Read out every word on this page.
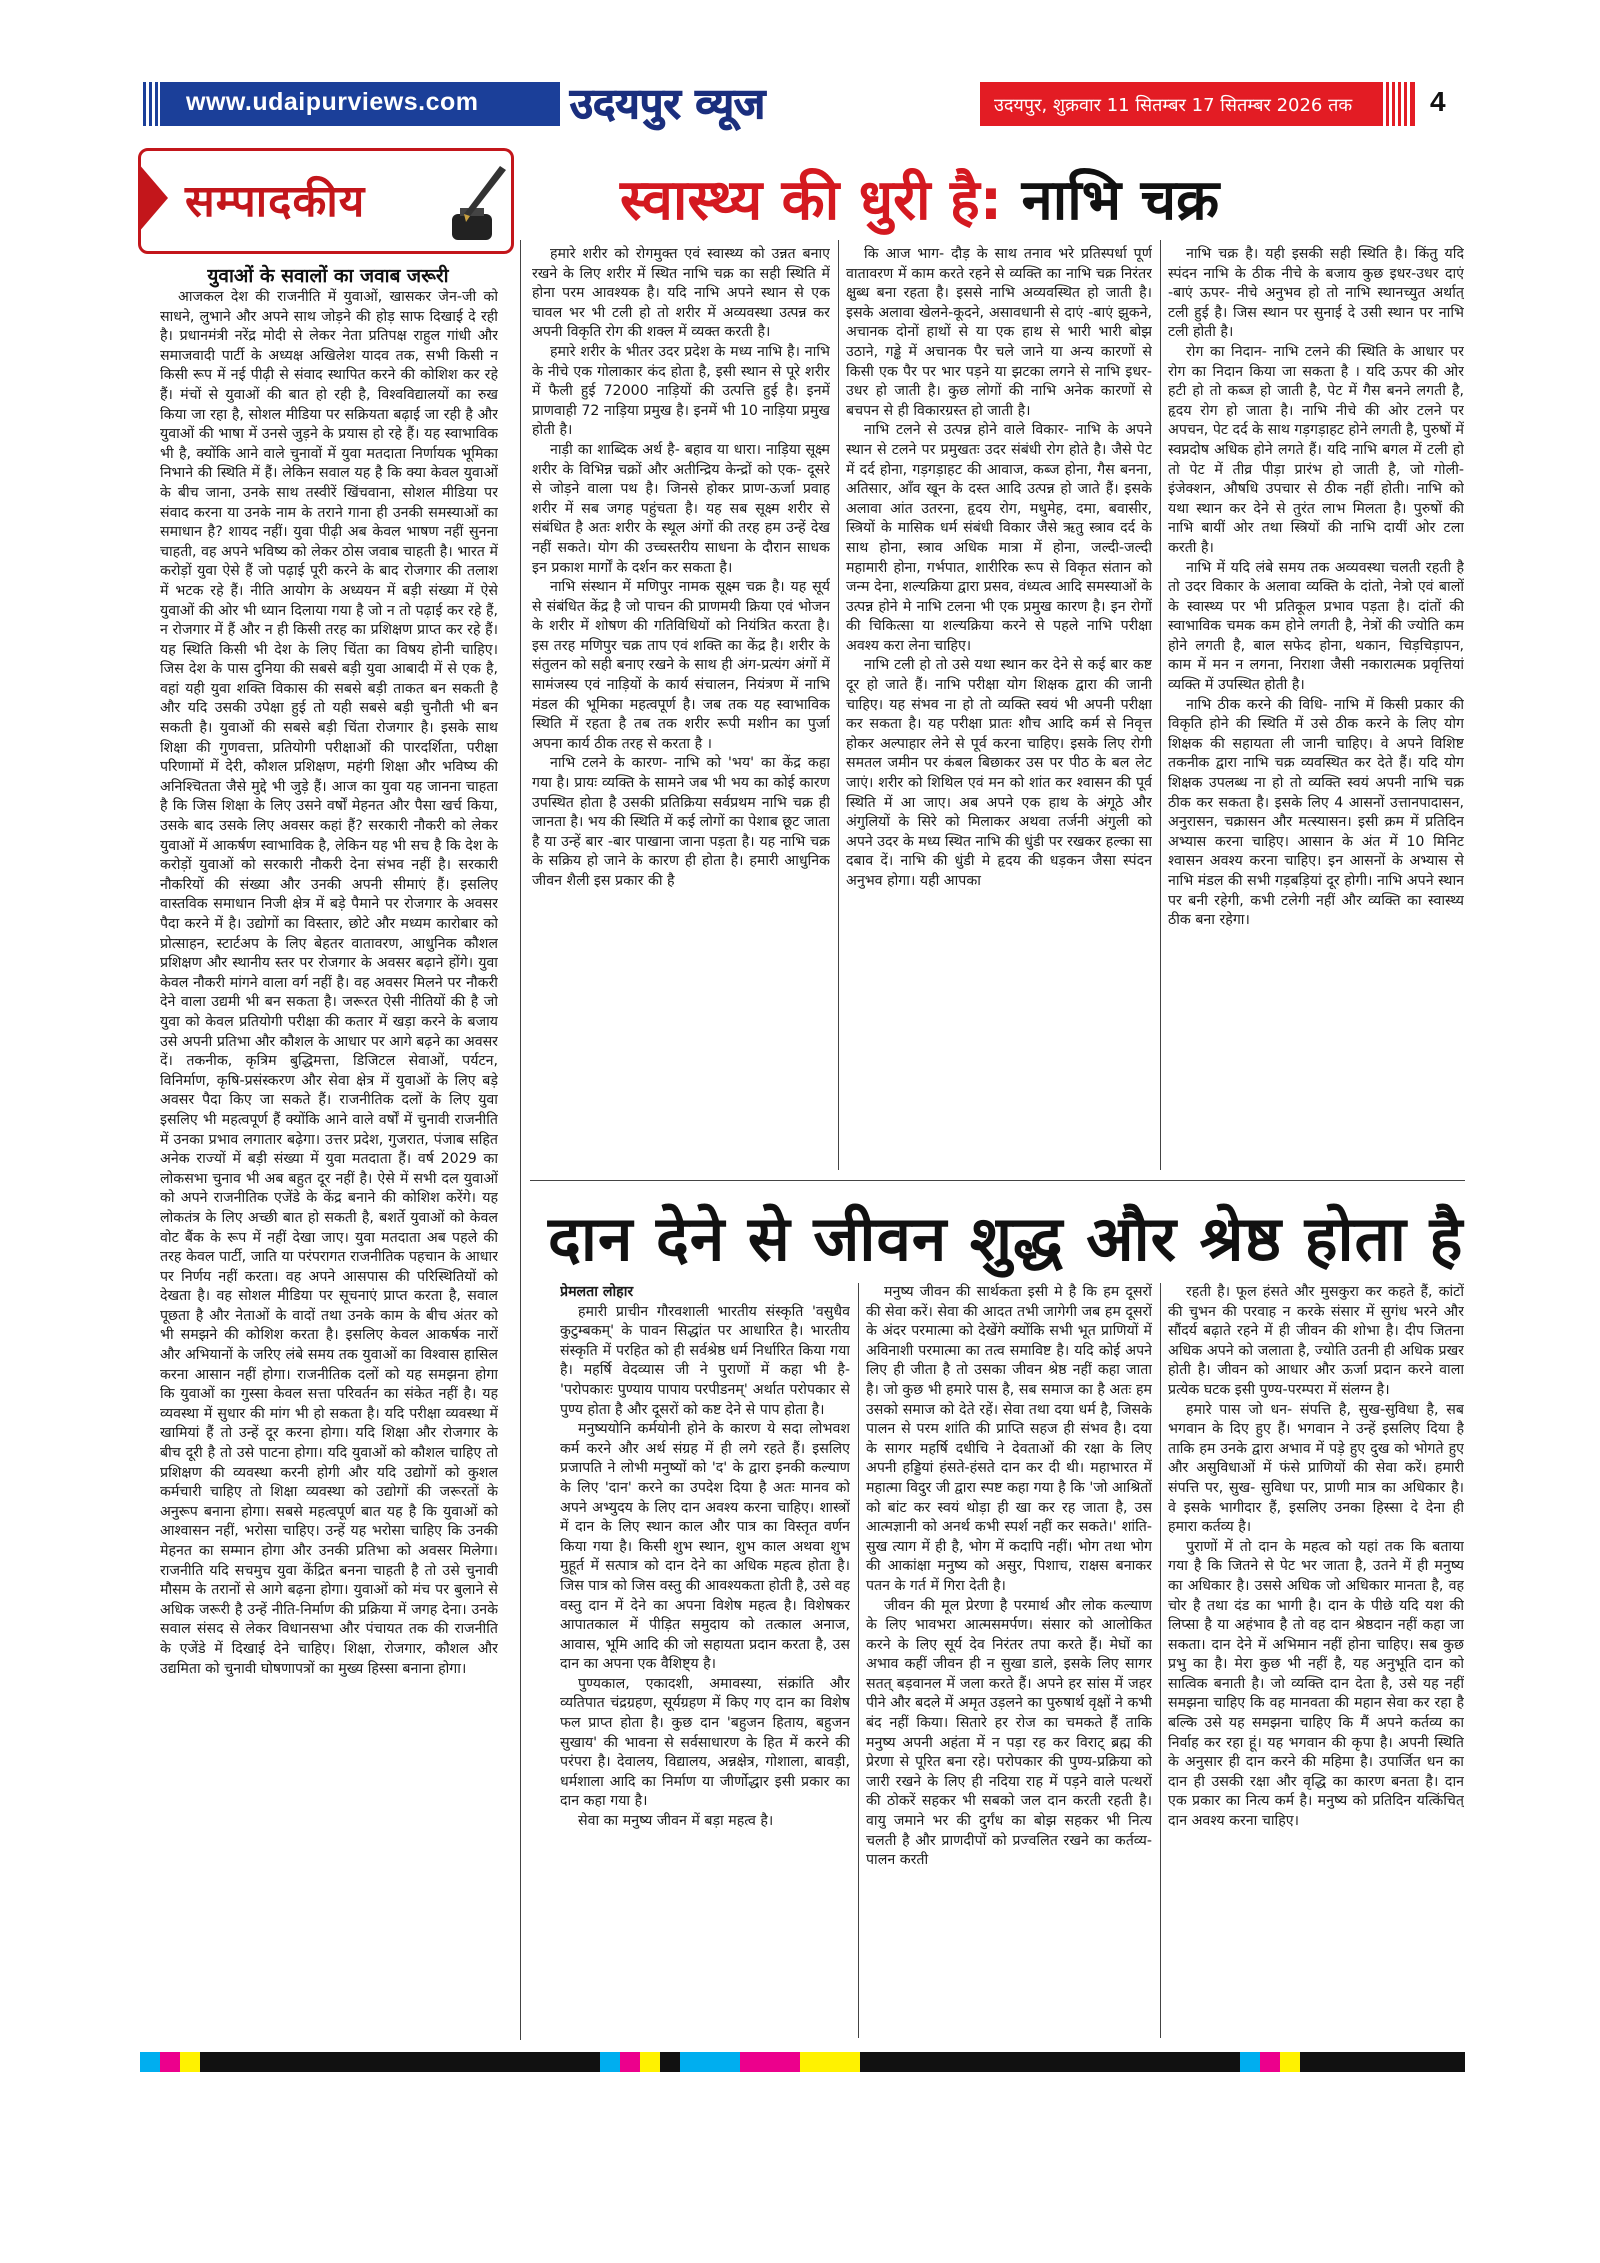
www.udaipurviews.com उदयपुर व्यूज	उदयपुर, शुक्रवार 11 सितम्बर 17 सितम्बर 2026 तक	4
सम्पादकीय
युवाओं के सवालों का जवाब जरूरी

आजकल देश की राजनीति में युवाओं, खासकर जेन-जी को साधने, लुभाने और अपने साथ जोड़ने की होड़ साफ दिखाई दे रही है। प्रधानमंत्री नरेंद्र मोदी से लेकर नेता प्रतिपक्ष राहुल गांधी और समाजवादी पार्टी के अध्यक्ष अखिलेश यादव तक, सभी किसी न किसी रूप में नई पीढ़ी से संवाद स्थापित करने की कोशिश कर रहे हैं। मंचों से युवाओं की बात हो रही है, विश्वविद्यालयों का रुख किया जा रहा है, सोशल मीडिया पर सक्रियता बढ़ाई जा रही है और युवाओं की भाषा में उनसे जुड़ने के प्रयास हो रहे हैं। यह स्वाभाविक भी है, क्योंकि आने वाले चुनावों में युवा मतदाता निर्णायक भूमिका निभाने की स्थिति में हैं। लेकिन सवाल यह है कि क्या केवल युवाओं के बीच जाना, उनके साथ तस्वीरें खिंचवाना, सोशल मीडिया पर संवाद करना या उनके नाम के तराने गाना ही उनकी समस्याओं का समाधान है? शायद नहीं। युवा पीढ़ी अब केवल भाषण नहीं सुनना चाहती, वह अपने भविष्य को लेकर ठोस जवाब चाहती है। भारत में करोड़ों युवा ऐसे हैं जो पढ़ाई पूरी करने के बाद रोजगार की तलाश में भटक रहे हैं। नीति आयोग के अध्ययन में बड़ी संख्या में ऐसे युवाओं की ओर भी ध्यान दिलाया गया है जो न तो पढ़ाई कर रहे हैं, न रोजगार में हैं और न ही किसी तरह का प्रशिक्षण प्राप्त कर रहे हैं। यह स्थिति किसी भी देश के लिए चिंता का विषय होनी चाहिए। जिस देश के पास दुनिया की सबसे बड़ी युवा आबादी में से एक है, वहां यही युवा शक्ति विकास की सबसे बड़ी ताकत बन सकती है और यदि उसकी उपेक्षा हुई तो यही सबसे बड़ी चुनौती भी बन सकती है। युवाओं की सबसे बड़ी चिंता रोजगार है। इसके साथ शिक्षा की गुणवत्ता, प्रतियोगी परीक्षाओं की पारदर्शिता, परीक्षा परिणामों में देरी, कौशल प्रशिक्षण, महंगी शिक्षा और भविष्य की अनिश्चितता जैसे मुद्दे भी जुड़े हैं। आज का युवा यह जानना चाहता है कि जिस शिक्षा के लिए उसने वर्षों मेहनत और पैसा खर्च किया, उसके बाद उसके लिए अवसर कहां हैं? सरकारी नौकरी को लेकर युवाओं में आकर्षण स्वाभाविक है, लेकिन यह भी सच है कि देश के करोड़ों युवाओं को सरकारी नौकरी देना संभव नहीं है। सरकारी नौकरियों की संख्या और उनकी अपनी सीमाएं हैं। इसलिए वास्तविक समाधान निजी क्षेत्र में बड़े पैमाने पर रोजगार के अवसर पैदा करने में है। उद्योगों का विस्तार, छोटे और मध्यम कारोबार को प्रोत्साहन, स्टार्टअप के लिए बेहतर वातावरण, आधुनिक कौशल प्रशिक्षण और स्थानीय स्तर पर रोजगार के अवसर बढ़ाने होंगे। युवा केवल नौकरी मांगने वाला वर्ग नहीं है। वह अवसर मिलने पर नौकरी देने वाला उद्यमी भी बन सकता है। जरूरत ऐसी नीतियों की है जो युवा को केवल प्रतियोगी परीक्षा की कतार में खड़ा करने के बजाय उसे अपनी प्रतिभा और कौशल के आधार पर आगे बढ़ने का अवसर दें। तकनीक, कृत्रिम बुद्धिमत्ता, डिजिटल सेवाओं, पर्यटन, विनिर्माण, कृषि-प्रसंस्करण और सेवा क्षेत्र में युवाओं के लिए बड़े अवसर पैदा किए जा सकते हैं। राजनीतिक दलों के लिए युवा इसलिए भी महत्वपूर्ण हैं क्योंकि आने वाले वर्षों में चुनावी राजनीति में उनका प्रभाव लगातार बढ़ेगा। उत्तर प्रदेश, गुजरात, पंजाब सहित अनेक राज्यों में बड़ी संख्या में युवा मतदाता हैं। वर्ष 2029 का लोकसभा चुनाव भी अब बहुत दूर नहीं है। ऐसे में सभी दल युवाओं को अपने राजनीतिक एजेंडे के केंद्र बनाने की कोशिश करेंगे। यह लोकतंत्र के लिए अच्छी बात हो सकती है, बशर्ते युवाओं को केवल वोट बैंक के रूप में नहीं देखा जाए। युवा मतदाता अब पहले की तरह केवल पार्टी, जाति या परंपरागत राजनीतिक पहचान के आधार पर निर्णय नहीं करता। वह अपने आसपास की परिस्थितियों को देखता है। वह सोशल मीडिया पर सूचनाएं प्राप्त करता है, सवाल पूछता है और नेताओं के वादों तथा उनके काम के बीच अंतर को भी समझने की कोशिश करता है। इसलिए केवल आकर्षक नारों और अभियानों के जरिए लंबे समय तक युवाओं का विश्वास हासिल करना आसान नहीं होगा। राजनीतिक दलों को यह समझना होगा कि युवाओं का गुस्सा केवल सत्ता परिवर्तन का संकेत नहीं है। यह व्यवस्था में सुधार की मांग भी हो सकता है। यदि परीक्षा व्यवस्था में खामियां हैं तो उन्हें दूर करना होगा। यदि शिक्षा और रोजगार के बीच दूरी है तो उसे पाटना होगा। यदि युवाओं को कौशल चाहिए तो प्रशिक्षण की व्यवस्था करनी होगी और यदि उद्योगों को कुशल कर्मचारी चाहिए तो शिक्षा व्यवस्था को उद्योगों की जरूरतों के अनुरूप बनाना होगा। सबसे महत्वपूर्ण बात यह है कि युवाओं को आश्वासन नहीं, भरोसा चाहिए। उन्हें यह भरोसा चाहिए कि उनकी मेहनत का सम्मान होगा और उनकी प्रतिभा को अवसर मिलेगा। राजनीति यदि सचमुच युवा केंद्रित बनना चाहती है तो उसे चुनावी मौसम के तरानों से आगे बढ़ना होगा। युवाओं को मंच पर बुलाने से अधिक जरूरी है उन्हें नीति-निर्माण की प्रक्रिया में जगह देना। उनके सवाल संसद से लेकर विधानसभा और पंचायत तक की राजनीति के एजेंडे में दिखाई देने चाहिए। शिक्षा, रोजगार, कौशल और उद्यमिता को चुनावी घोषणापत्रों का मुख्य हिस्सा बनाना होगा।

स्वास्थ्य की धुरी है: नाभि चक्र

हमारे शरीर को रोगमुक्त एवं स्वास्थ्य को उन्नत बनाए रखने के लिए शरीर में स्थित नाभि चक्र का सही स्थिति में होना परम आवश्यक है। यदि नाभि अपने स्थान से एक चावल भर भी टली हो तो शरीर में अव्यवस्था उत्पन्न कर अपनी विकृति रोग की शक्ल में व्यक्त करती है।

हमारे शरीर के भीतर उदर प्रदेश के मध्य नाभि है। नाभि के नीचे एक गोलाकार कंद होता है, इसी स्थान से पूरे शरीर में फैली हुई 72000 नाड़ियों की उत्पत्ति हुई है। इनमें प्राणवाही 72 नाड़िया प्रमुख है। इनमें भी 10 नाड़िया प्रमुख होती है।

नाड़ी का शाब्दिक अर्थ है- बहाव या धारा। नाड़िया सूक्ष्म शरीर के विभिन्न चक्रों और अतीन्द्रिय केन्द्रों को एक- दूसरे से जोड़ने वाला पथ है। जिनसे होकर प्राण-ऊर्जा प्रवाह शरीर में सब जगह पहुंचता है। यह सब सूक्ष्म शरीर से संबंधित है अतः शरीर के स्थूल अंगों की तरह हम उन्हें देख नहीं सकते। योग की उच्चस्तरीय साधना के दौरान साधक इन प्रकाश मार्गों के दर्शन कर सकता है।

नाभि संस्थान में मणिपुर नामक सूक्ष्म चक्र है। यह सूर्य से संबंधित केंद्र है जो पाचन की प्राणमयी क्रिया एवं भोजन के शरीर में शोषण की गतिविधियों को नियंत्रित करता है। इस तरह मणिपुर चक्र ताप एवं शक्ति का केंद्र है। शरीर के संतुलन को सही बनाए रखने के साथ ही अंग-प्रत्यंग अंगों में सामंजस्य एवं नाड़ियों के कार्य संचालन, नियंत्रण में नाभि मंडल की भूमिका महत्वपूर्ण है। जब तक यह स्वाभाविक स्थिति में रहता है तब तक शरीर रूपी मशीन का पुर्जा अपना कार्य ठीक तरह से करता है ।

नाभि टलने के कारण- नाभि को 'भय' का केंद्र कहा गया है। प्रायः व्यक्ति के सामने जब भी भय का कोई कारण उपस्थित होता है उसकी प्रतिक्रिया सर्वप्रथम नाभि चक्र ही जानता है। भय की स्थिति में कई लोगों का पेशाब छूट जाता है या उन्हें बार -बार पाखाना जाना पड़ता है। यह नाभि चक्र के सक्रिय हो जाने के कारण ही होता है। हमारी आधुनिक जीवन शैली इस प्रकार की है

कि आज भाग- दौड़ के साथ तनाव भरे प्रतिस्पर्धा पूर्ण वातावरण में काम करते रहने से व्यक्ति का नाभि चक्र निरंतर क्षुब्ध बना रहता है। इससे नाभि अव्यवस्थित हो जाती है। इसके अलावा खेलने-कूदने, असावधानी से दाएं -बाएं झुकने, अचानक दोनों हाथों से या एक हाथ से भारी भारी बोझ उठाने, गड्ढे में अचानक पैर चले जाने या अन्य कारणों से किसी एक पैर पर भार पड़ने या झटका लगने से नाभि इधर-उधर हो जाती है। कुछ लोगों की नाभि अनेक कारणों से बचपन से ही विकारग्रस्त हो जाती है।

नाभि टलने से उत्पन्न होने वाले विकार- नाभि के अपने स्थान से टलने पर प्रमुखतः उदर संबंधी रोग होते है। जैसे पेट में दर्द होना, गड़गड़ाहट की आवाज, कब्ज होना, गैस बनना, अतिसार, आँव खून के दस्त आदि उत्पन्न हो जाते हैं। इसके अलावा आंत उतरना, हृदय रोग, मधुमेह, दमा, बवासीर, स्त्रियों के मासिक धर्म संबंधी विकार जैसे ऋतु स्त्राव दर्द के साथ होना, स्त्राव अधिक मात्रा में होना, जल्दी-जल्दी महामारी होना, गर्भपात, शारीरिक रूप से विकृत संतान को जन्म देना, शल्यक्रिया द्वारा प्रसव, वंध्यत्व आदि समस्याओं के उत्पन्न होने मे नाभि टलना भी एक प्रमुख कारण है। इन रोगों की चिकित्सा या शल्यक्रिया करने से पहले नाभि परीक्षा अवश्य करा लेना चाहिए।

नाभि टली हो तो उसे यथा स्थान कर देने से कई बार कष्ट दूर हो जाते हैं। नाभि परीक्षा योग शिक्षक द्वारा की जानी चाहिए। यह संभव ना हो तो व्यक्ति स्वयं भी अपनी परीक्षा कर सकता है। यह परीक्षा प्रातः शौच आदि कर्म से निवृत्त होकर अल्पाहार लेने से पूर्व करना चाहिए। इसके लिए रोगी समतल जमीन पर कंबल बिछाकर उस पर पीठ के बल लेट जाएं। शरीर को शिथिल एवं मन को शांत कर श्वासन की पूर्व स्थिति में आ जाए। अब अपने एक हाथ के अंगूठे और अंगुलियों के सिरे को मिलाकर अथवा तर्जनी अंगुली को अपने उदर के मध्य स्थित नाभि की धुंडी पर रखकर हल्का सा दबाव दें। नाभि की धुंडी मे हृदय की धड़कन जैसा स्पंदन अनुभव होगा। यही आपका

नाभि चक्र है। यही इसकी सही स्थिति है। किंतु यदि स्पंदन नाभि के ठीक नीचे के बजाय कुछ इधर-उधर दाएं -बाएं ऊपर- नीचे अनुभव हो तो नाभि स्थानच्युत अर्थात् टली हुई है। जिस स्थान पर सुनाई दे उसी स्थान पर नाभि टली होती है।

रोग का निदान- नाभि टलने की स्थिति के आधार पर रोग का निदान किया जा सकता है । यदि ऊपर की ओर हटी हो तो कब्ज हो जाती है, पेट में गैस बनने लगती है, हृदय रोग हो जाता है। नाभि नीचे की ओर टलने पर अपचन, पेट दर्द के साथ गड़गड़ाहट होने लगती है, पुरुषों में स्वप्नदोष अधिक होने लगते हैं। यदि नाभि बगल में टली हो तो पेट में तीव्र पीड़ा प्रारंभ हो जाती है, जो गोली- इंजेक्शन, औषधि उपचार से ठीक नहीं होती। नाभि को यथा स्थान कर देने से तुरंत लाभ मिलता है। पुरुषों की नाभि बायीं ओर तथा स्त्रियों की नाभि दायीं ओर टला करती है।

नाभि में यदि लंबे समय तक अव्यवस्था चलती रहती है तो उदर विकार के अलावा व्यक्ति के दांतो, नेत्रो एवं बालों के स्वास्थ्य पर भी प्रतिकूल प्रभाव पड़ता है। दांतों की स्वाभाविक चमक कम होने लगती है, नेत्रों की ज्योति कम होने लगती है, बाल सफेद होना, थकान, चिड़चिड़ापन, काम में मन न लगना, निराशा जैसी नकारात्मक प्रवृत्तियां व्यक्ति में उपस्थित होती है।

नाभि ठीक करने की विधि- नाभि में किसी प्रकार की विकृति होने की स्थिति में उसे ठीक करने के लिए योग शिक्षक की सहायता ली जानी चाहिए। वे अपने विशिष्ट तकनीक द्वारा नाभि चक्र व्यवस्थित कर देते हैं। यदि योग शिक्षक उपलब्ध ना हो तो व्यक्ति स्वयं अपनी नाभि चक्र ठीक कर सकता है। इसके लिए 4 आसनों उत्तानपादासन, अनुरासन, चक्रासन और मत्स्यासन। इसी क्रम में प्रतिदिन अभ्यास करना चाहिए। आसान के अंत में 10 मिनिट श्वासन अवश्य करना चाहिए। इन आसनों के अभ्यास से नाभि मंडल की सभी गड़बड़ियां दूर होगी। नाभि अपने स्थान पर बनी रहेगी, कभी टलेगी नहीं और व्यक्ति का स्वास्थ्य ठीक बना रहेगा।

दान देने से जीवन शुद्ध और श्रेष्ठ होता है
प्रेमलता लोहार

हमारी प्राचीन गौरवशाली भारतीय संस्कृति 'वसुधैव कुटुम्बकम्' के पावन सिद्धांत पर आधारित है। भारतीय संस्कृति में परहित को ही सर्वश्रेष्ठ धर्म निर्धारित किया गया है। महर्षि वेदव्यास जी ने पुराणों में कहा भी है- 'परोपकारः पुण्याय पापाय परपीडनम्' अर्थात परोपकार से पुण्य होता है और दूसरों को कष्ट देने से पाप होता है।

मनुष्ययोनि कर्मयोनी होने के कारण ये सदा लोभवश कर्म करने और अर्थ संग्रह में ही लगे रहते हैं। इसलिए प्रजापति ने लोभी मनुष्यों को 'द' के द्वारा इनकी कल्याण के लिए 'दान' करने का उपदेश दिया है अतः मानव को अपने अभ्युदय के लिए दान अवश्य करना चाहिए। शास्त्रों में दान के लिए स्थान काल और पात्र का विस्तृत वर्णन किया गया है। किसी शुभ स्थान, शुभ काल अथवा शुभ मुहूर्त में सत्पात्र को दान देने का अधिक महत्व होता है। जिस पात्र को जिस वस्तु की आवश्यकता होती है, उसे वह वस्तु दान में देने का अपना विशेष महत्व है। विशेषकर आपातकाल में पीड़ित समुदाय को तत्काल अनाज, आवास, भूमि आदि की जो सहायता प्रदान करता है, उस दान का अपना एक वैशिष्ट्य है।

पुण्यकाल, एकादशी, अमावस्या, संक्रांति और व्यतिपात चंद्रग्रहण, सूर्यग्रहण में किए गए दान का विशेष फल प्राप्त होता है। कुछ दान 'बहुजन हिताय, बहुजन सुखाय' की भावना से सर्वसाधारण के हित में करने की परंपरा है। देवालय, विद्यालय, अन्नक्षेत्र, गोशाला, बावड़ी, धर्मशाला आदि का निर्माण या जीर्णोद्धार इसी प्रकार का दान कहा गया है।

सेवा का मनुष्य जीवन में बड़ा महत्व है।

मनुष्य जीवन की सार्थकता इसी मे है कि हम दूसरों की सेवा करें। सेवा की आदत तभी जागेगी जब हम दूसरों के अंदर परमात्मा को देखेंगे क्योंकि सभी भूत प्राणियों में अविनाशी परमात्मा का तत्व समाविष्ट है। यदि कोई अपने लिए ही जीता है तो उसका जीवन श्रेष्ठ नहीं कहा जाता है। जो कुछ भी हमारे पास है, सब समाज का है अतः हम उसको समाज को देते रहें। सेवा तथा दया धर्म है, जिसके पालन से परम शांति की प्राप्ति सहज ही संभव है। दया के सागर महर्षि दधीचि ने देवताओं की रक्षा के लिए अपनी हड्डियां हंसते-हंसते दान कर दी थी। महाभारत में महात्मा विदुर जी द्वारा स्पष्ट कहा गया है कि 'जो आश्रितों को बांट कर स्वयं थोड़ा ही खा कर रह जाता है, उस आत्मज्ञानी को अनर्थ कभी स्पर्श नहीं कर सकते।' शांति- सुख त्याग में ही है, भोग में कदापि नहीं। भोग तथा भोग की आकांक्षा मनुष्य को असुर, पिशाच, राक्षस बनाकर पतन के गर्त में गिरा देती है।

जीवन की मूल प्रेरणा है परमार्थ और लोक कल्याण के लिए भावभरा आत्मसमर्पण। संसार को आलोकित करने के लिए सूर्य देव निरंतर तपा करते हैं। मेघों का अभाव कहीं जीवन ही न सुखा डाले, इसके लिए सागर सतत् बड़वानल में जला करते हैं। अपने हर सांस में जहर पीने और बदले में अमृत उड़लने का पुरुषार्थ वृक्षों ने कभी बंद नहीं किया। सितारे हर रोज का चमकते हैं ताकि मनुष्य अपनी अहंता में न पड़ा रह कर विराट् ब्रह्म की प्रेरणा से पूरित बना रहे। परोपकार की पुण्य-प्रक्रिया को जारी रखने के लिए ही नदिया राह में पड़ने वाले पत्थरों की ठोकरें सहकर भी सबको जल दान करती रहती है। वायु जमाने भर की दुर्गंध का बोझ सहकर भी नित्य चलती है और प्राणदीपों को प्रज्वलित रखने का कर्तव्य- पालन करती

रहती है। फूल हंसते और मुसकुरा कर कहते हैं, कांटों की चुभन की परवाह न करके संसार में सुगंध भरने और सौंदर्य बढ़ाते रहने में ही जीवन की शोभा है। दीप जितना अधिक अपने को जलाता है, ज्योति उतनी ही अधिक प्रखर होती है। जीवन को आधार और ऊर्जा प्रदान करने वाला प्रत्येक घटक इसी पुण्य-परम्परा में संलग्न है।

हमारे पास जो धन- संपत्ति है, सुख-सुविधा है, सब भगवान के दिए हुए हैं। भगवान ने उन्हें इसलिए दिया है ताकि हम उनके द्वारा अभाव में पड़े हुए दुख को भोगते हुए और असुविधाओं में फंसे प्राणियों की सेवा करें। हमारी संपत्ति पर, सुख- सुविधा पर, प्राणी मात्र का अधिकार है। वे इसके भागीदार हैं, इसलिए उनका हिस्सा दे देना ही हमारा कर्तव्य है।

पुराणों में तो दान के महत्व को यहां तक कि बताया गया है कि जितने से पेट भर जाता है, उतने में ही मनुष्य का अधिकार है। उससे अधिक जो अधिकार मानता है, वह चोर है तथा दंड का भागी है। दान के पीछे यदि यश की लिप्सा है या अहंभाव है तो वह दान श्रेष्ठदान नहीं कहा जा सकता। दान देने में अभिमान नहीं होना चाहिए। सब कुछ प्रभु का है। मेरा कुछ भी नहीं है, यह अनुभूति दान को सात्विक बनाती है। जो व्यक्ति दान देता है, उसे यह नहीं समझना चाहिए कि वह मानवता की महान सेवा कर रहा है बल्कि उसे यह समझना चाहिए कि मैं अपने कर्तव्य का निर्वाह कर रहा हूं। यह भगवान की कृपा है। अपनी स्थिति के अनुसार ही दान करने की महिमा है। उपार्जित धन का दान ही उसकी रक्षा और वृद्धि का कारण बनता है। दान एक प्रकार का नित्य कर्म है। मनुष्य को प्रतिदिन यत्किंचित् दान अवश्य करना चाहिए।
